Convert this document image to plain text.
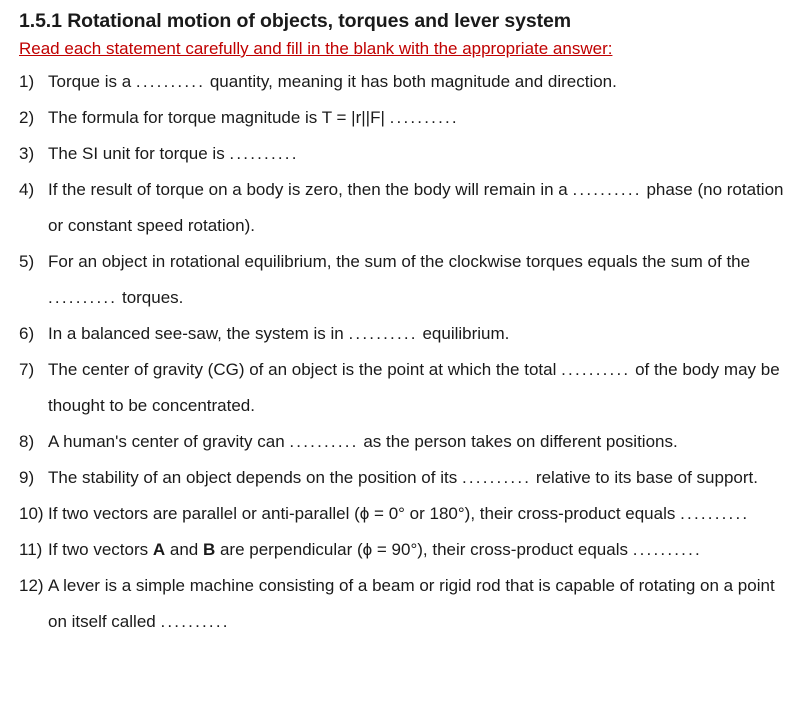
1.5.1 Rotational motion of objects, torques and lever system
Read each statement carefully and fill in the blank with the appropriate answer:
1) Torque is a .......... quantity, meaning it has both magnitude and direction.
2) The formula for torque magnitude is T = |r||F| ..........
3) The SI unit for torque is ..........
4) If the result of torque on a body is zero, then the body will remain in a .......... phase (no rotation or constant speed rotation).
5) For an object in rotational equilibrium, the sum of the clockwise torques equals the sum of the .......... torques.
6) In a balanced see-saw, the system is in .......... equilibrium.
7) The center of gravity (CG) of an object is the point at which the total .......... of the body may be thought to be concentrated.
8) A human's center of gravity can .......... as the person takes on different positions.
9) The stability of an object depends on the position of its .......... relative to its base of support.
10) If two vectors are parallel or anti-parallel (ϕ = 0° or 180°), their cross-product equals ..........
11) If two vectors A and B are perpendicular (ϕ = 90°), their cross-product equals ..........
12) A lever is a simple machine consisting of a beam or rigid rod that is capable of rotating on a point on itself called ..........
